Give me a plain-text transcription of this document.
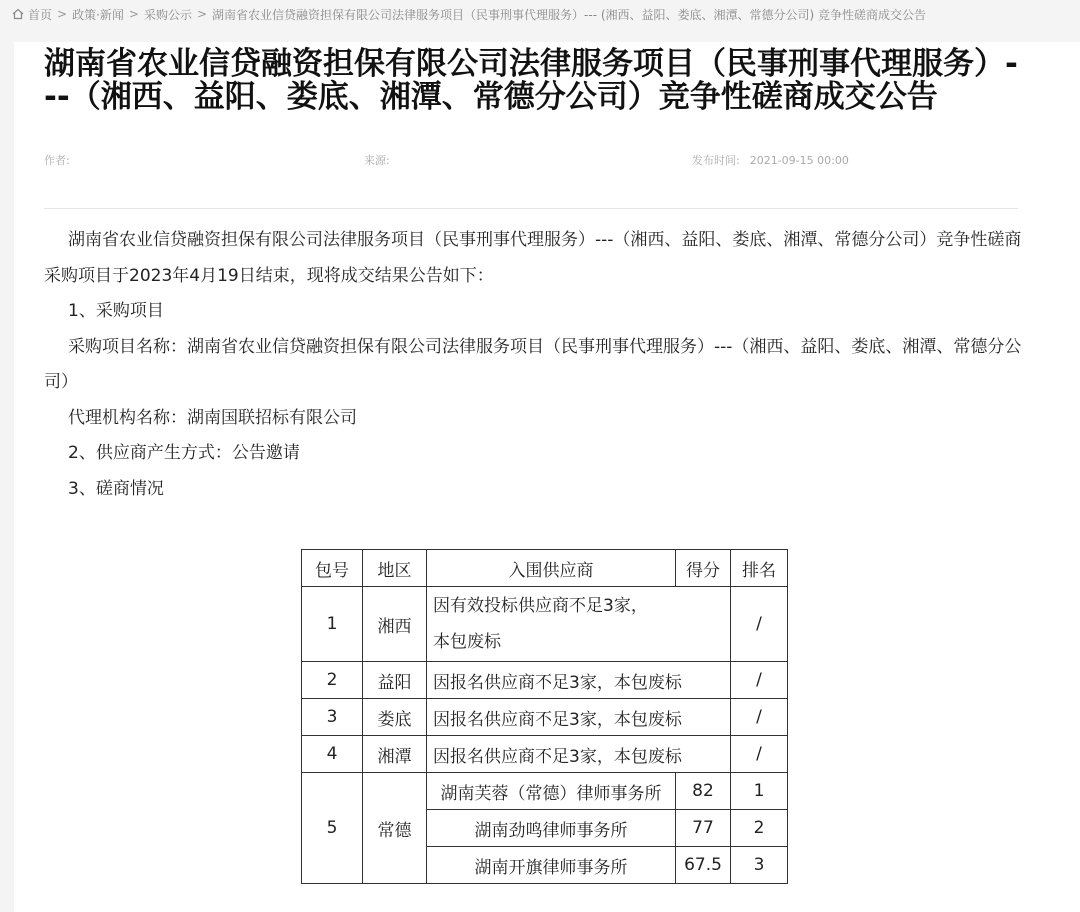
首页 > 政策·新闻 > 采购公示 > 湖南省农业信贷融资担保有限公司法律服务项目（民事刑事代理服务）--- (湘西、益阳、娄底、湘潭、常德分公司) 竞争性磋商成交公告
湖南省农业信贷融资担保有限公司法律服务项目（民事刑事代理服务）---（湘西、益阳、娄底、湘潭、常德分公司）竞争性磋商成交公告
作者:	来源:	发布时间: 2021-09-15 00:00

湖南省农业信贷融资担保有限公司法律服务项目（民事刑事代理服务）---（湘西、益阳、娄底、湘潭、常德分公司）竞争性磋商采购项目于2023年4月19日结束，现将成交结果公告如下：

1、采购项目

采购项目名称：湖南省农业信贷融资担保有限公司法律服务项目（民事刑事代理服务）---（湘西、益阳、娄底、湘潭、常德分公司）

代理机构名称：湖南国联招标有限公司

2、供应商产生方式：公告邀请

3、磋商情况

包号	地区	入围供应商	得分	排名
1	湘西	因有效投标供应商不足3家，本包废标		/
2	益阳	因报名供应商不足3家，本包废标		/
3	娄底	因报名供应商不足3家，本包废标		/
4	湘潭	因报名供应商不足3家，本包废标		/
5	常德	湖南芙蓉（常德）律师事务所	82	1
		湖南劲鸣律师事务所	77	2
		湖南开旗律师事务所	67.5	3
